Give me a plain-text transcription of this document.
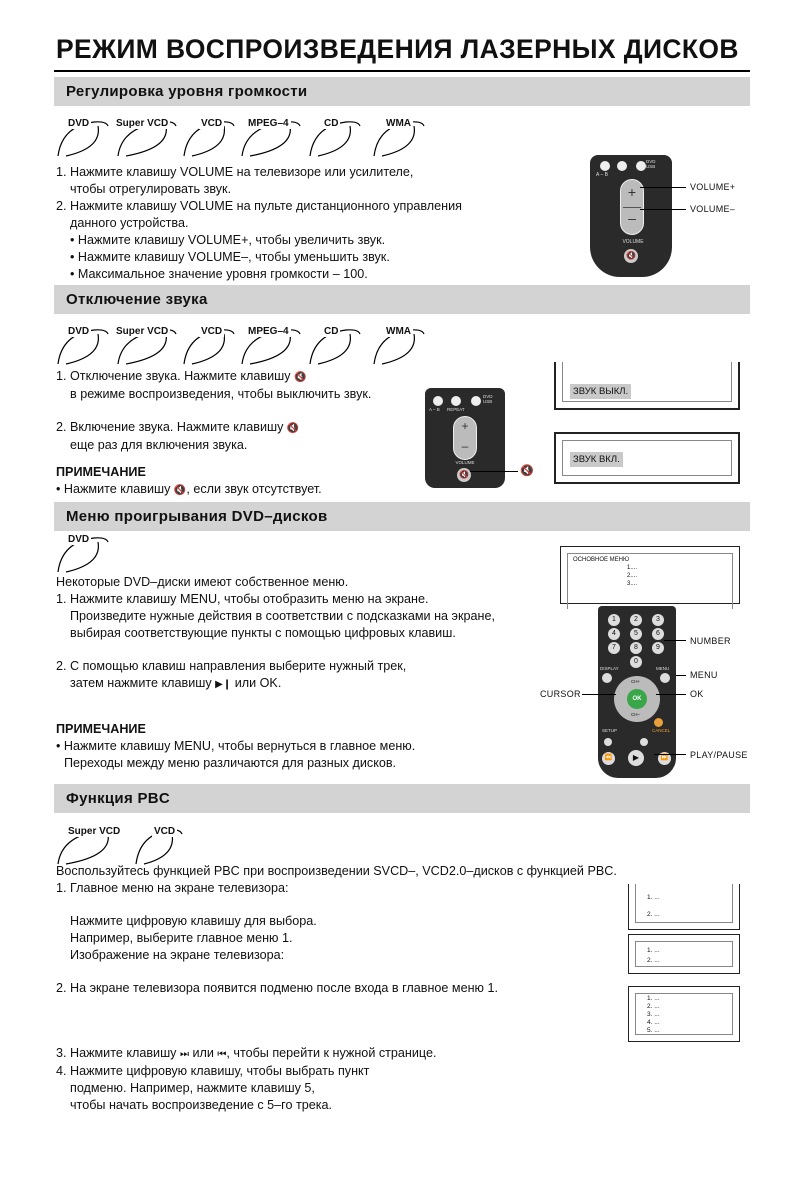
РЕЖИМ ВОСПРОИЗВЕДЕНИЯ ЛАЗЕРНЫХ ДИСКОВ
Регулировка уровня громкости
DVD	Super VCD	VCD	MPEG–4	CD	WMA
1. Нажмите клавишу VOLUME на телевизоре или усилителе,
чтобы отрегулировать звук.
2. Нажмите клавишу VOLUME на пульте дистанционного управления
данного устройства.
• Нажмите клавишу VOLUME+, чтобы увеличить звук.
• Нажмите клавишу VOLUME–, чтобы уменьшить звук.
• Максимальное значение уровня громкости – 100.
A – B
DVD USB
+
–
VOLUME
🔇
VOLUME+
VOLUME–
Отключение звука
DVD	Super VCD	VCD	MPEG–4	CD	WMA
1. Отключение звука. Нажмите клавишу 🔇
в режиме воспроизведения, чтобы выключить звук.
2. Включение звука. Нажмите клавишу 🔇
еще раз для включения звука.
ПРИМЕЧАНИЕ
• Нажмите клавишу 🔇, если звук отсутствует.
A – B REPEAT
DVD USB
+
–
VOLUME
🔇	🔇
ЗВУК ВЫКЛ.
ЗВУК ВКЛ.
Меню проигрывания DVD–дисков
DVD
Некоторые DVD–диски имеют собственное меню.
1. Нажмите клавишу MENU, чтобы отобразить меню на экране.
Произведите нужные действия в соответствии с подсказками на экране,
выбирая соответствующие пункты с помощью цифровых клавиш.
2. С помощью клавиш направления выберите нужный трек,
затем нажмите клавишу ▶❙ или OK.
ПРИМЕЧАНИЕ
• Нажмите клавишу MENU, чтобы вернуться в главное меню.
Переходы между меню различаются для разных дисков.
ОСНОВНОЕ МЕНЮ
1....
2....
3....
1	2	3
4	5	6
7	8	9
0
DISPLAY	MENU
OK
CH+
CH–
SETUP	CANCEL
⏪	▶	⏩
NUMBER
MENU
OK
CURSOR
PLAY/PAUSE
Функция PBC
Super VCD	VCD
Воспользуйтесь функцией PBC при воспроизведении SVCD–, VCD2.0–дисков с функцией PBC.
1. Главное меню на экране телевизора:
Нажмите цифровую клавишу для выбора.
Например, выберите главное меню 1.
Изображение на экране телевизора:
2. На экране телевизора появится подменю после входа в главное меню 1.
3. Нажмите клавишу ⏭ или ⏮, чтобы перейти к нужной странице.
4. Нажмите цифровую клавишу, чтобы выбрать пункт
подменю. Например, нажмите клавишу 5,
чтобы начать воспроизведение с 5–го трека.
1. ...
2. ...
1. ...
2. ...
1. ...
2. ...
3. ...
4. ...
5. ...
